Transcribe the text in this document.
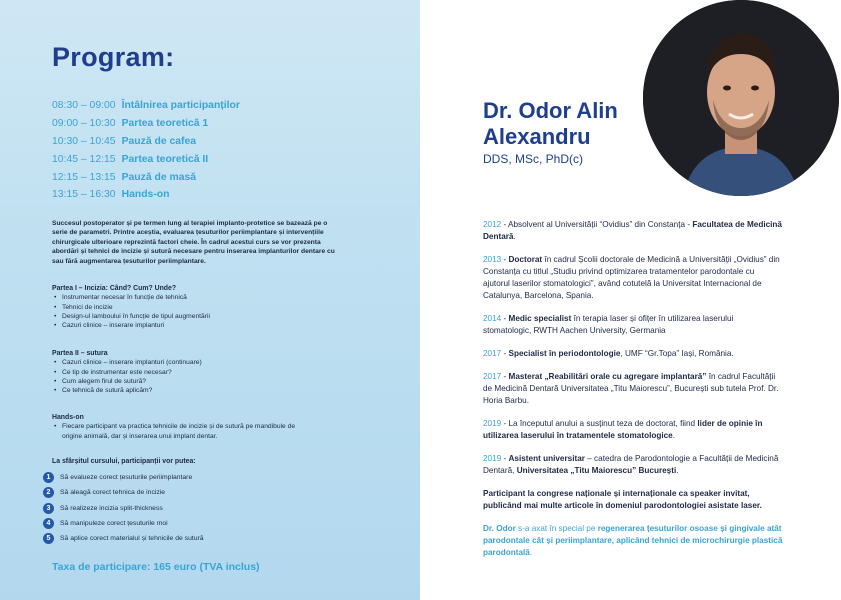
Program:
08:30 – 09:00 Întâlnirea participanților
09:00 – 10:30 Partea teoretică 1
10:30 – 10:45 Pauză de cafea
10:45 – 12:15 Partea teoretică II
12:15 – 13:15 Pauză de masă
13:15 – 16:30 Hands-on
Succesul postoperator și pe termen lung al terapiei implanto-protetice se bazează pe o serie de parametri. Printre aceștia, evaluarea țesuturilor periimplantare și intervențiile chirurgicale ulterioare reprezintă factori cheie. În cadrul acestui curs se vor prezenta abordări și tehnici de incizie și sutură necesare pentru inserarea implanturilor dentare cu sau fără augmentarea țesuturilor periimplantare.
Partea I – Incizia: Când? Cum? Unde?
• Instrumentar necesar în funcție de tehnică
• Tehnici de incizie
• Design-ul lamboului în funcție de tipul augmentării
• Cazuri clinice – inserare implanturi
Partea II – sutura
• Cazuri clinice – inserare implanturi (continuare)
• Ce tip de instrumentar este necesar?
• Cum alegem firul de sutură?
• Ce tehnică de sutură aplicăm?
Hands-on
• Fiecare participant va practica tehnicile de incizie și de sutură pe mandibule de origine animală, dar și inserarea unui implant dentar.
La sfârșitul cursului, participanții vor putea:
1	Să evalueze corect țesuturile periimplantare
2	Să aleagă corect tehnica de incizie
3	Să realizeze incizia split-thickness
4	Să manipuleze corect țesuturile moi
5	Să aplice corect materialul și tehnicile de sutură
Taxa de participare: 165 euro (TVA inclus)
Dr. Odor Alin
Alexandru
DDS, MSc, PhD(c)

2012 - Absolvent al Universității “Ovidius” din Constanța - Facultatea de Medicină Dentară.

2013 - Doctorat în cadrul Școlii doctorale de Medicină a Universității „Ovidius” din Constanța cu titlul „Studiu privind optimizarea tratamentelor parodontale cu ajutorul laserilor stomatologici”, având cotutelă la Universitat Internacional de Catalunya, Barcelona, Spania.

2014 - Medic specialist în terapia laser și ofițer în utilizarea laserului stomatologic, RWTH Aachen University, Germania

2017 - Specialist în periodontologie, UMF “Gr.Topa” Iași, România.

2017 - Masterat „Reabilitări orale cu agregare implantară” în cadrul Facultății de Medicină Dentară Universitatea „Titu Maiorescu”, București sub tutela Prof. Dr. Horia Barbu.

2019 - La începutul anului a susținut teza de doctorat, fiind lider de opinie în utilizarea laserului în tratamentele stomatologice.

2019 - Asistent universitar – catedra de Parodontologie a Facultății de Medicină Dentară, Universitatea „Titu Maiorescu” București.

Participant la congrese naționale și internaționale ca speaker invitat, publicând mai multe articole în domeniul parodontologiei asistate laser.

Dr. Odor s-a axat în special pe regenerarea țesuturilor osoase și gingivale atât parodontale cât și periimplantare, aplicând tehnici de microchirurgie plastică parodontală.
